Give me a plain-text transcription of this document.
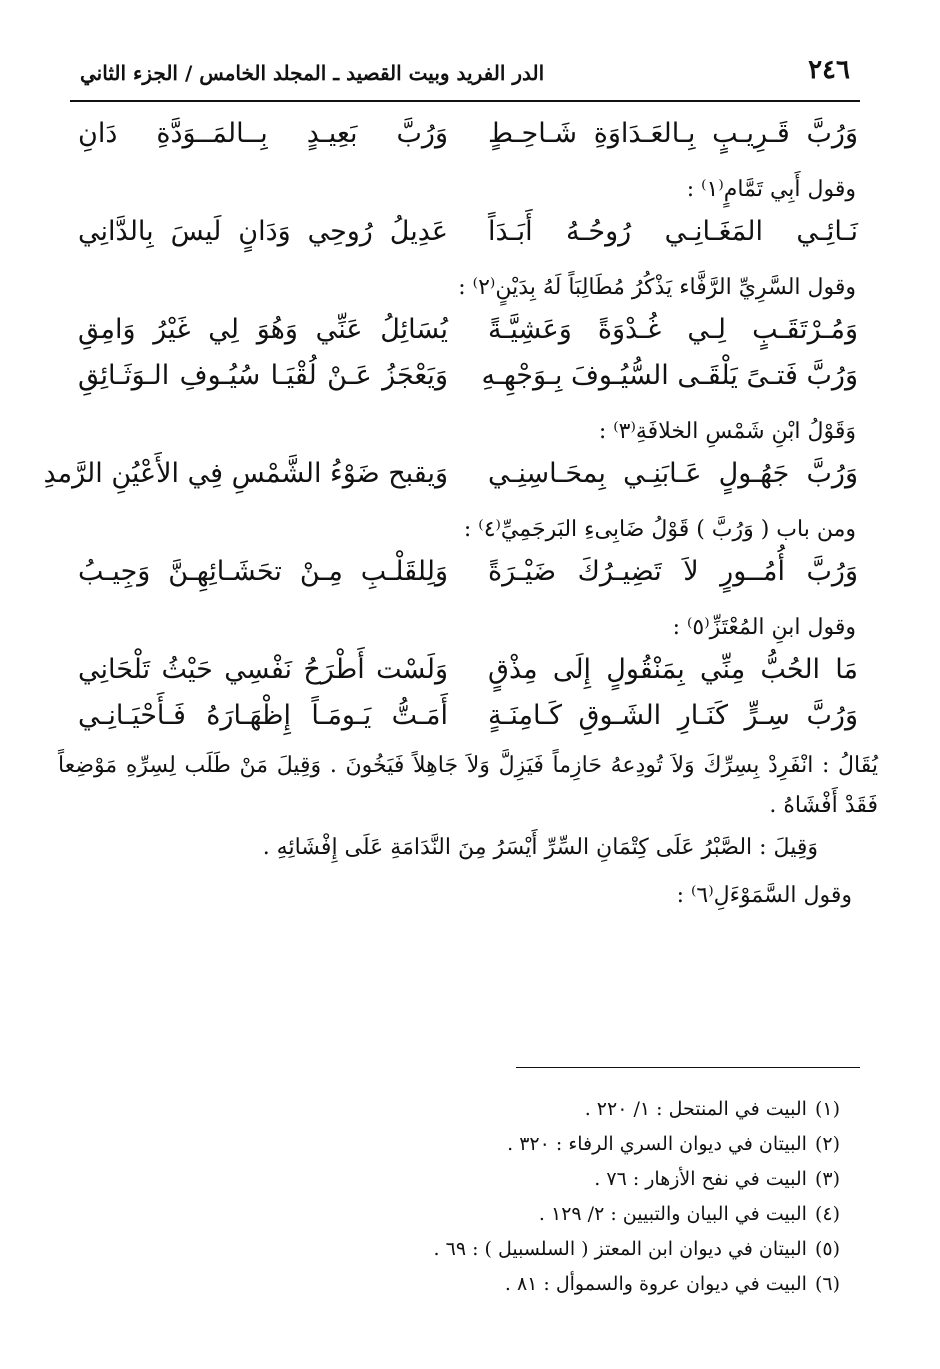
٢٤٦
الدر الفريد وبيت القصيد ـ المجلد الخامس / الجزء الثاني
وَرُبَّ قَـرِيـبٍ بِـالعَـدَاوَةِ شَـاحِـطٍ
وَرُبَّ بَعِيـدٍ بِــالمَــوَدَّةِ دَانِ
وقول أَبِي تَمَّامٍ⁽١⁾ :
نَـائِـي المَغَـانِـي رُوحُـهُ أَبَـدَاً
عَدِيلُ رُوحِي وَدَانٍ لَيسَ بِالدَّانِي
وقول السَّرِيِّ الرَّفَّاء يَذْكُرُ مُطَالِبَاً لَهُ بِدَيْنٍ⁽٢⁾ :
وَمُـرْتَقَـبٍ لِـي غُـدْوَةً وَعَشِيَّـةً
يُسَائِلُ عَنِّي وَهُوَ لِي غَيْرُ وَامِقِ
وَرُبَّ فَتـىً يَلْقَـى السُّيُـوفَ بِـوَجْهِـهِ
وَيَعْجَزُ عَـنْ لُقْيَـا سُيُـوفِ الـوَثَـائِقِ
وَقَوْلُ ابْنِ شَمْسِ الخلافَةِ⁽٣⁾ :
وَرُبَّ جَهُـولٍ عَـابَنِـي بِمحَـاسِنِـي
وَيقبح ضَوْءُ الشَّمْسِ فِي الأَعْيُنِ الرَّمدِ
ومن باب ( وَرُبَّ ) قَوْلُ ضَابِىءِ البَرجَمِيِّ⁽٤⁾ :
وَرُبَّ أُمُــورٍ لاَ تَضِيـرُكَ ضَيْـرَةً
وَلِلقَلْـبِ مِـنْ تحَشَـائِهِـنَّ وَجِيـبُ
وقول ابنِ المُعْتَزِّ⁽٥⁾ :
مَا الحُبُّ مِنِّي بِمَنْقُولٍ إِلَى مِذْقٍ
وَلَسْت أَطْرَحُ نَفْسِي حَيْثُ تَلْحَانِي
وَرُبَّ سِـرٍّ كَنَـارِ الشَـوقِ كَـامِنَـةٍ
أَمَـتُّ يَـومَـاً إِظْهَـارَهُ فَـأَحْيَـانِـي
يُقَالُ : انْفَرِدْ بِسِرِّكَ وَلاَ تُودِعهُ حَازِماً فَيَزِلَّ وَلاَ جَاهِلاً فَيَخُونَ . وَقِيلَ مَنْ طَلَب لِسِرِّهِ مَوْضِعاً فَقَدْ أَفْشَاهُ .
وَقِيلَ : الصَّبْرُ عَلَى كِتْمَانِ السِّرِّ أَيْسَرُ مِنَ النَّدَامَةِ عَلَى إِفْشَائِهِ .
وقول السَّمَوْءَلِ⁽٦⁾ :
(١)البيت في المنتحل : ١/ ٢٢٠ .
(٢)البيتان في ديوان السري الرفاء : ٣٢٠ .
(٣)البيت في نفح الأزهار : ٧٦ .
(٤)البيت في البيان والتبيين : ٢/ ١٢٩ .
(٥)البيتان في ديوان ابن المعتز ( السلسبيل ) : ٦٩ .
(٦)البيت في ديوان عروة والسموأل : ٨١ .
